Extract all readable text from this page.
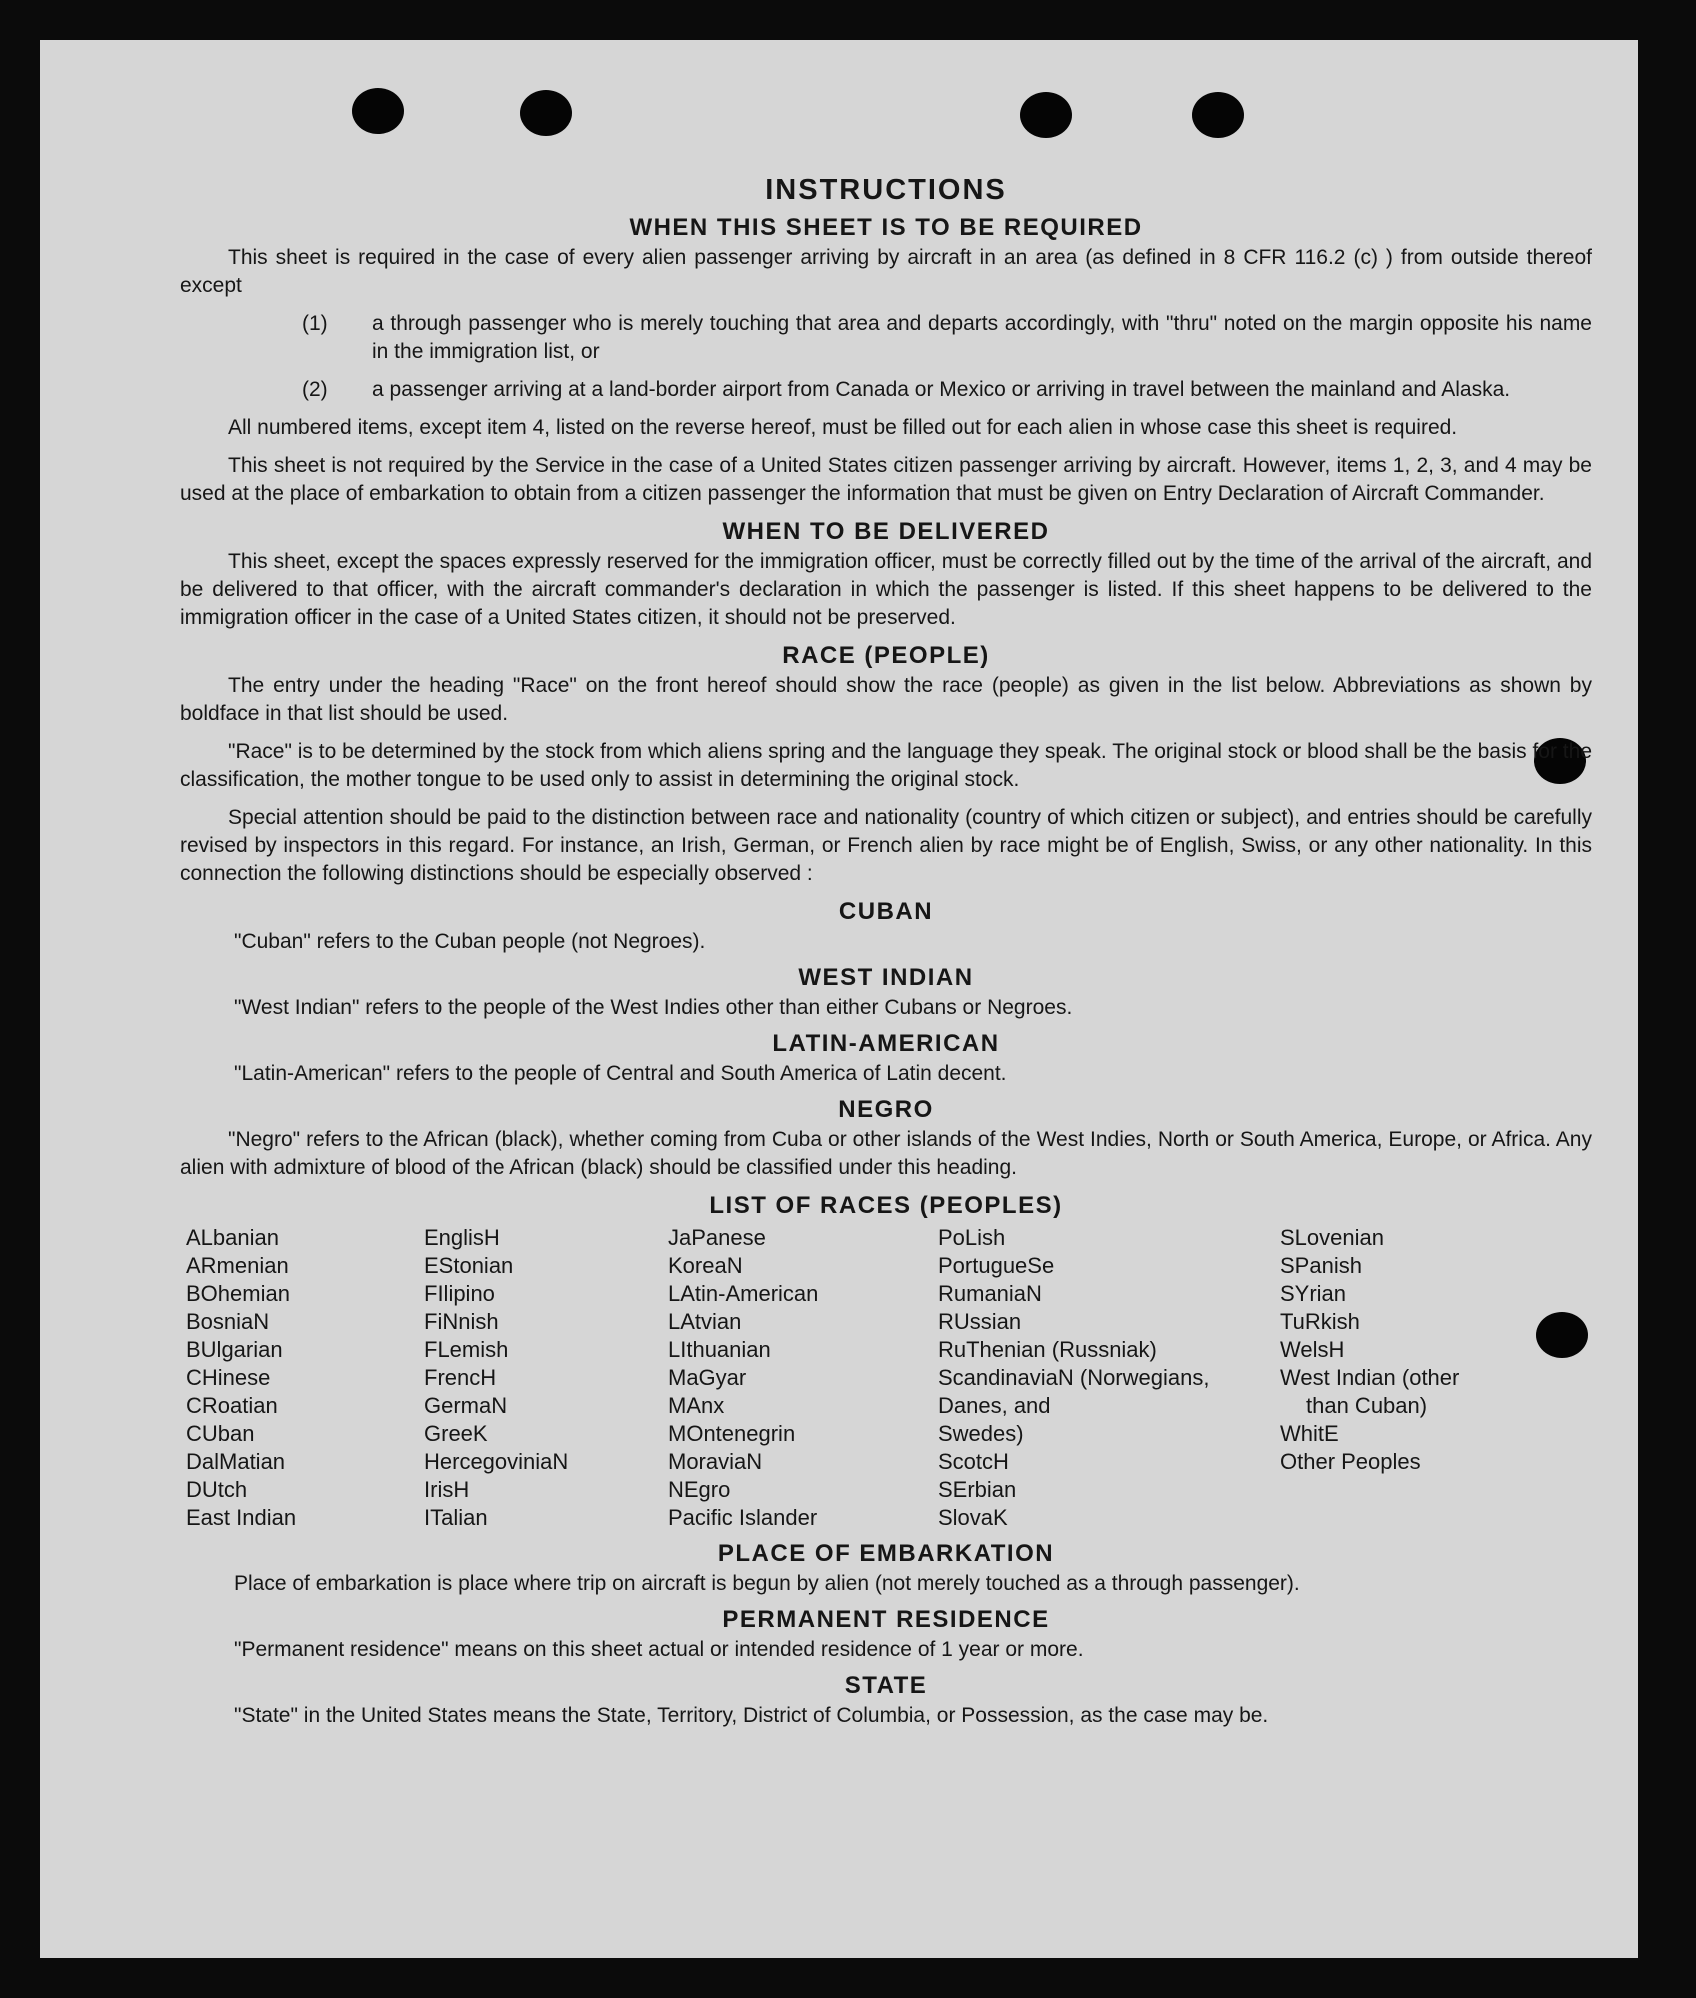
INSTRUCTIONS
WHEN THIS SHEET IS TO BE REQUIRED

This sheet is required in the case of every alien passenger arriving by aircraft in an area (as defined in 8 CFR 116.2 (c) ) from outside thereof except

(1)	a through passenger who is merely touching that area and departs accordingly, with "thru" noted on the margin opposite his name in the immigration list, or
(2)	a passenger arriving at a land-border airport from Canada or Mexico or arriving in travel between the mainland and Alaska.

All numbered items, except item 4, listed on the reverse hereof, must be filled out for each alien in whose case this sheet is required.

This sheet is not required by the Service in the case of a United States citizen passenger arriving by aircraft. However, items 1, 2, 3, and 4 may be used at the place of embarkation to obtain from a citizen passenger the information that must be given on Entry Declaration of Aircraft Commander.

WHEN TO BE DELIVERED

This sheet, except the spaces expressly reserved for the immigration officer, must be correctly filled out by the time of the arrival of the aircraft, and be delivered to that officer, with the aircraft commander's declaration in which the passenger is listed. If this sheet happens to be delivered to the immigration officer in the case of a United States citizen, it should not be preserved.

RACE (PEOPLE)

The entry under the heading "Race" on the front hereof should show the race (people) as given in the list below. Abbreviations as shown by boldface in that list should be used.

"Race" is to be determined by the stock from which aliens spring and the language they speak. The original stock or blood shall be the basis for the classification, the mother tongue to be used only to assist in determining the original stock.

Special attention should be paid to the distinction between race and nationality (country of which citizen or subject), and entries should be carefully revised by inspectors in this regard. For instance, an Irish, German, or French alien by race might be of English, Swiss, or any other nationality. In this connection the following distinctions should be especially observed :

CUBAN

"Cuban" refers to the Cuban people (not Negroes).

WEST INDIAN

"West Indian" refers to the people of the West Indies other than either Cubans or Negroes.

LATIN-AMERICAN

"Latin-American" refers to the people of Central and South America of Latin decent.

NEGRO

"Negro" refers to the African (black), whether coming from Cuba or other islands of the West Indies, North or South America, Europe, or Africa. Any alien with admixture of blood of the African (black) should be classified under this heading.

LIST OF RACES (PEOPLES)
ALbanian
ARmenian
BOhemian
BosniaN
BUlgarian
CHinese
CRoatian
CUban
DalMatian
DUtch
East Indian
EnglisH
EStonian
FIlipino
FiNnish
FLemish
FrencH
GermaN
GreeK
HercegoviniaN
IrisH
ITalian
JaPanese
KoreaN
LAtin-American
LAtvian
LIthuanian
MaGyar
MAnx
MOntenegrin
MoraviaN
NEgro
Pacific Islander
PoLish
PortugueSe
RumaniaN
RUssian
RuThenian (Russniak)
ScandinaviaN (Norwegians,
Danes, and
Swedes)
ScotcH
SErbian
SlovaK
SLovenian
SPanish
SYrian
TuRkish
WelsH
West Indian (other
than Cuban)
WhitE
Other Peoples
PLACE OF EMBARKATION

Place of embarkation is place where trip on aircraft is begun by alien (not merely touched as a through passenger).

PERMANENT RESIDENCE

"Permanent residence" means on this sheet actual or intended residence of 1 year or more.

STATE

"State" in the United States means the State, Territory, District of Columbia, or Possession, as the case may be.
